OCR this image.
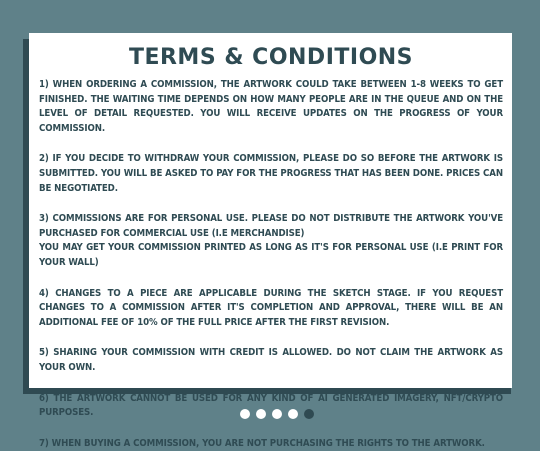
TERMS & CONDITIONS

1) WHEN ORDERING A COMMISSION, THE ARTWORK COULD TAKE BETWEEN 1-8 WEEKS TO GET FINISHED. THE WAITING TIME DEPENDS ON HOW MANY PEOPLE ARE IN THE QUEUE AND ON THE LEVEL OF DETAIL REQUESTED. YOU WILL RECEIVE UPDATES ON THE PROGRESS OF YOUR COMMISSION.

2) IF YOU DECIDE TO WITHDRAW YOUR COMMISSION, PLEASE DO SO BEFORE THE ARTWORK IS SUBMITTED. YOU WILL BE ASKED TO PAY FOR THE PROGRESS THAT HAS BEEN DONE. PRICES CAN BE NEGOTIATED.

3) COMMISSIONS ARE FOR PERSONAL USE. PLEASE DO NOT DISTRIBUTE THE ARTWORK YOU'VE PURCHASED FOR COMMERCIAL USE (I.E MERCHANDISE)
YOU MAY GET YOUR COMMISSION PRINTED AS LONG AS IT'S FOR PERSONAL USE (I.E PRINT FOR YOUR WALL)

4) CHANGES TO A PIECE ARE APPLICABLE DURING THE SKETCH STAGE. IF YOU REQUEST CHANGES TO A COMMISSION AFTER IT'S COMPLETION AND APPROVAL, THERE WILL BE AN ADDITIONAL FEE OF 10% OF THE FULL PRICE AFTER THE FIRST REVISION.

5) SHARING YOUR COMMISSION WITH CREDIT IS ALLOWED. DO NOT CLAIM THE ARTWORK AS YOUR OWN.

6) THE ARTWORK CANNOT BE USED FOR ANY KIND OF AI GENERATED IMAGERY, NFT/CRYPTO PURPOSES.

7) WHEN BUYING A COMMISSION, YOU ARE NOT PURCHASING THE RIGHTS TO THE ARTWORK.
